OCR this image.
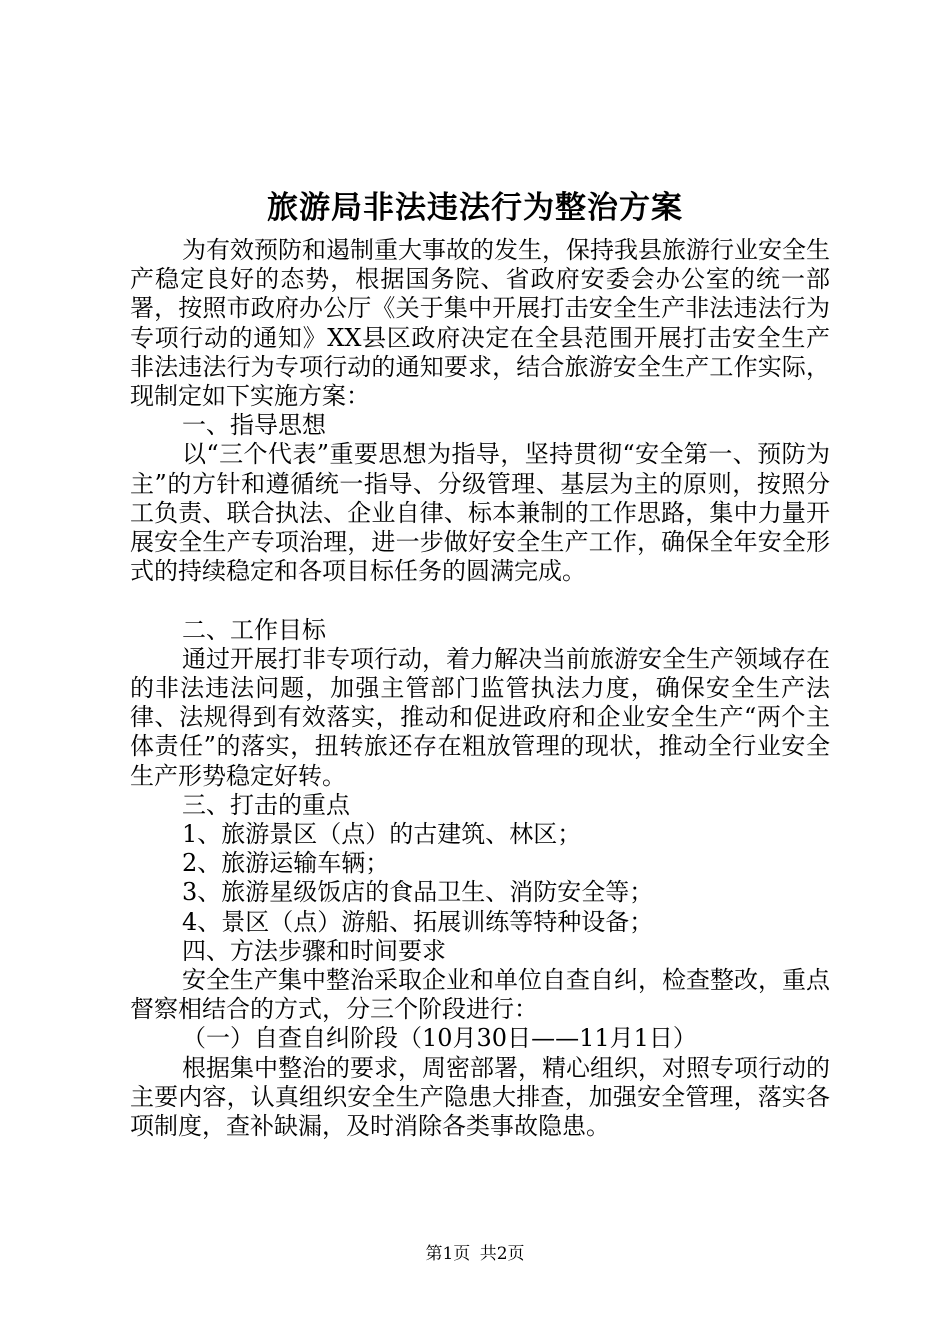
旅游局非法违法行为整治方案

为有效预防和遏制重大事故的发生，保持我县旅游行业安全生产稳定良好的态势，根据国务院、省政府安委会办公室的统一部署，按照市政府办公厅《关于集中开展打击安全生产非法违法行为专项行动的通知》XX县区政府决定在全县范围开展打击安全生产非法违法行为专项行动的通知要求，结合旅游安全生产工作实际，现制定如下实施方案：

一、指导思想

以“三个代表”重要思想为指导，坚持贯彻“安全第一、预防为主”的方针和遵循统一指导、分级管理、基层为主的原则，按照分工负责、联合执法、企业自律、标本兼制的工作思路，集中力量开展安全生产专项治理，进一步做好安全生产工作，确保全年安全形式的持续稳定和各项目标任务的圆满完成。

二、工作目标

通过开展打非专项行动，着力解决当前旅游安全生产领域存在的非法违法问题，加强主管部门监管执法力度，确保安全生产法律、法规得到有效落实，推动和促进政府和企业安全生产“两个主体责任”的落实，扭转旅还存在粗放管理的现状，推动全行业安全生产形势稳定好转。

三、打击的重点

1、旅游景区（点）的古建筑、林区；

2、旅游运输车辆；

3、旅游星级饭店的食品卫生、消防安全等；

4、景区（点）游船、拓展训练等特种设备；

四、方法步骤和时间要求

安全生产集中整治采取企业和单位自查自纠，检查整改，重点督察相结合的方式，分三个阶段进行：

（一）自查自纠阶段（10月30日——11月1日）

根据集中整治的要求，周密部署，精心组织，对照专项行动的主要内容，认真组织安全生产隐患大排查，加强安全管理，落实各项制度，查补缺漏，及时消除各类事故隐患。

第1页 共2页
